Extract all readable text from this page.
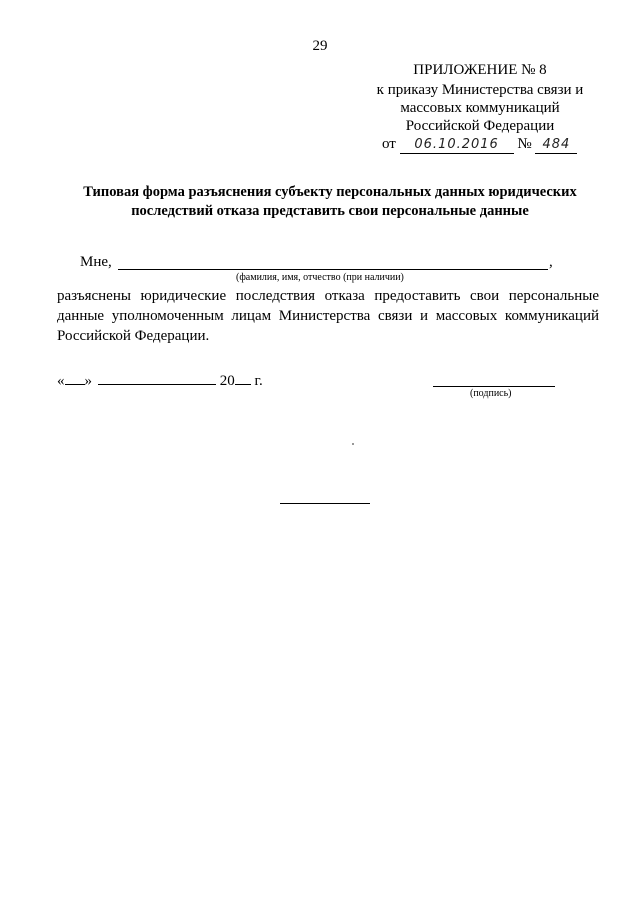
29
ПРИЛОЖЕНИЕ № 8
к приказу Министерства связи и
массовых коммуникаций
Российской Федерации
от 06.10.2016 № 484
Типовая форма разъяснения субъекту персональных данных юридических
последствий отказа представить свои персональные данные
Мне,	,
(фамилия, имя, отчество (при наличии)

разъяснены юридические последствия отказа предоставить свои персональные данные уполномоченным лицам Министерства связи и массовых коммуникаций Российской Федерации.

« »	20 г.
(подпись)
